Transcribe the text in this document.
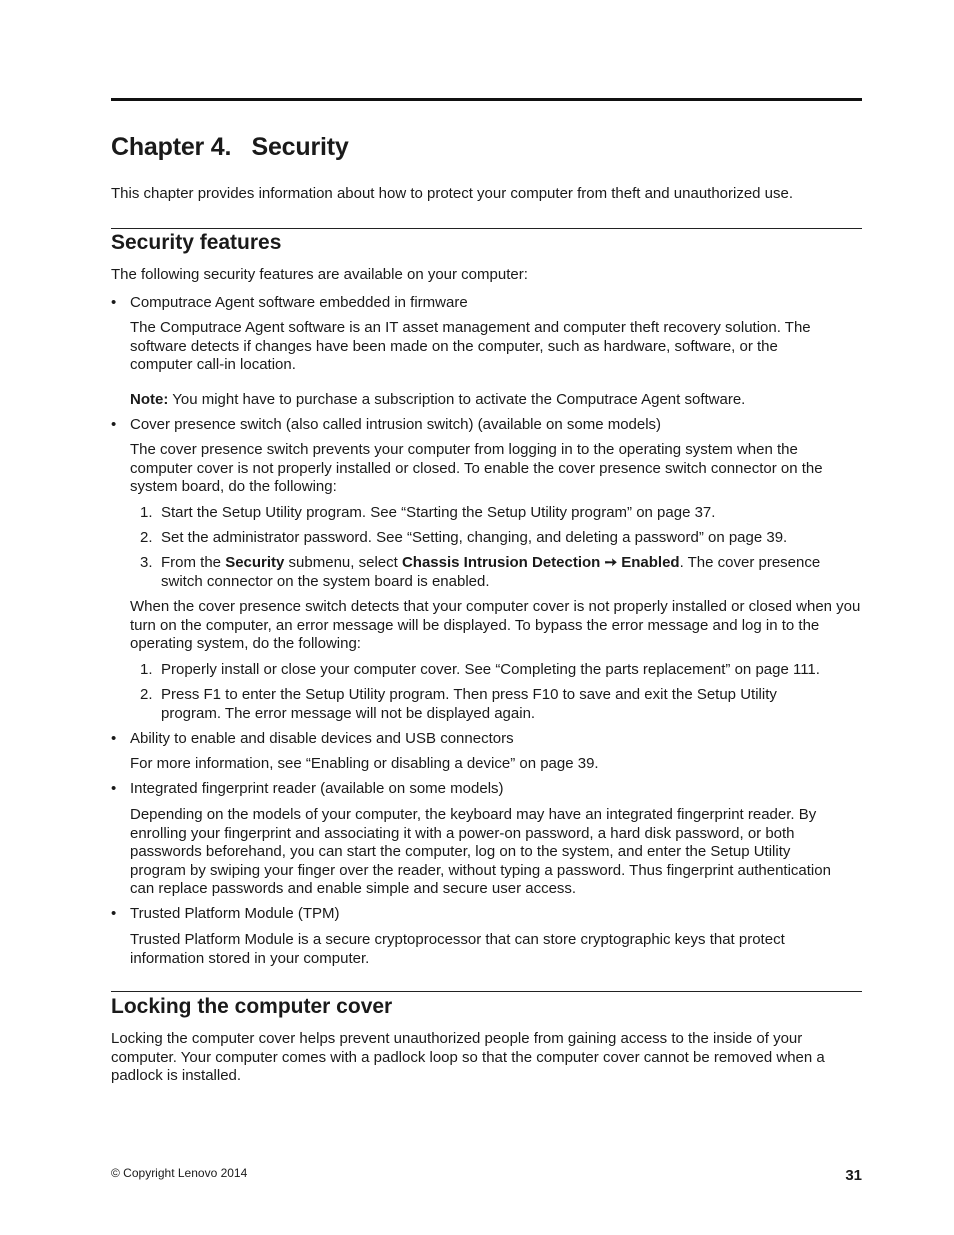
Chapter 4.   Security

This chapter provides information about how to protect your computer from theft and unauthorized use.

Security features

The following security features are available on your computer:

• Computrace Agent software embedded in firmware

The Computrace Agent software is an IT asset management and computer theft recovery solution. The software detects if changes have been made on the computer, such as hardware, software, or the computer call-in location.

Note: You might have to purchase a subscription to activate the Computrace Agent software.

• Cover presence switch (also called intrusion switch) (available on some models)

The cover presence switch prevents your computer from logging in to the operating system when the computer cover is not properly installed or closed. To enable the cover presence switch connector on the system board, do the following:

1. Start the Setup Utility program. See “Starting the Setup Utility program” on page 37.

2. Set the administrator password. See “Setting, changing, and deleting a password” on page 39.

3. From the Security submenu, select Chassis Intrusion Detection ➙ Enabled. The cover presence switch connector on the system board is enabled.

When the cover presence switch detects that your computer cover is not properly installed or closed when you turn on the computer, an error message will be displayed. To bypass the error message and log in to the operating system, do the following:

1. Properly install or close your computer cover. See “Completing the parts replacement” on page 111.

2. Press F1 to enter the Setup Utility program. Then press F10 to save and exit the Setup Utility program. The error message will not be displayed again.

• Ability to enable and disable devices and USB connectors

For more information, see “Enabling or disabling a device” on page 39.

• Integrated fingerprint reader (available on some models)

Depending on the models of your computer, the keyboard may have an integrated fingerprint reader. By enrolling your fingerprint and associating it with a power-on password, a hard disk password, or both passwords beforehand, you can start the computer, log on to the system, and enter the Setup Utility program by swiping your finger over the reader, without typing a password. Thus fingerprint authentication can replace passwords and enable simple and secure user access.

• Trusted Platform Module (TPM)

Trusted Platform Module is a secure cryptoprocessor that can store cryptographic keys that protect information stored in your computer.

Locking the computer cover

Locking the computer cover helps prevent unauthorized people from gaining access to the inside of your computer. Your computer comes with a padlock loop so that the computer cover cannot be removed when a padlock is installed.

© Copyright Lenovo 2014	31
